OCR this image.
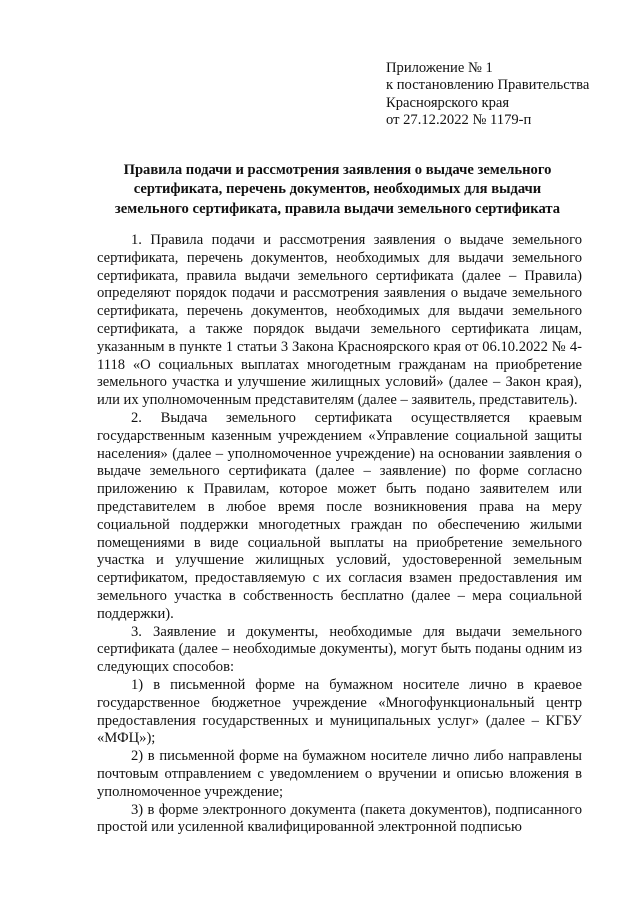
Приложение № 1
к постановлению Правительства
Красноярского края
от 27.12.2022 № 1179-п
Правила подачи и рассмотрения заявления о выдаче земельного
сертификата, перечень документов, необходимых для выдачи
земельного сертификата, правила выдачи земельного сертификата

1. Правила подачи и рассмотрения заявления о выдаче земельного сертификата, перечень документов, необходимых для выдачи земельного сертификата, правила выдачи земельного сертификата (далее – Правила) определяют порядок подачи и рассмотрения заявления о выдаче земельного сертификата, перечень документов, необходимых для выдачи земельного сертификата, а также порядок выдачи земельного сертификата лицам, указанным в пункте 1 статьи 3 Закона Красноярского края от 06.10.2022 № 4-1118 «О социальных выплатах многодетным гражданам на приобретение земельного участка и улучшение жилищных условий» (далее – Закон края), или их уполномоченным представителям (далее – заявитель, представитель).

2. Выдача земельного сертификата осуществляется краевым государственным казенным учреждением «Управление социальной защиты населения» (далее – уполномоченное учреждение) на основании заявления о выдаче земельного сертификата (далее – заявление) по форме согласно приложению к Правилам, которое может быть подано заявителем или представителем в любое время после возникновения права на меру социальной поддержки многодетных граждан по обеспечению жилыми помещениями в виде социальной выплаты на приобретение земельного участка и улучшение жилищных условий, удостоверенной земельным сертификатом, предоставляемую с их согласия взамен предоставления им земельного участка в собственность бесплатно (далее – мера социальной поддержки).

3. Заявление и документы, необходимые для выдачи земельного сертификата (далее – необходимые документы), могут быть поданы одним из следующих способов:

1) в письменной форме на бумажном носителе лично в краевое государственное бюджетное учреждение «Многофункциональный центр предоставления государственных и муниципальных услуг» (далее – КГБУ «МФЦ»);

2) в письменной форме на бумажном носителе лично либо направлены почтовым отправлением с уведомлением о вручении и описью вложения в уполномоченное учреждение;

3) в форме электронного документа (пакета документов), подписанного простой или усиленной квалифицированной электронной подписью
